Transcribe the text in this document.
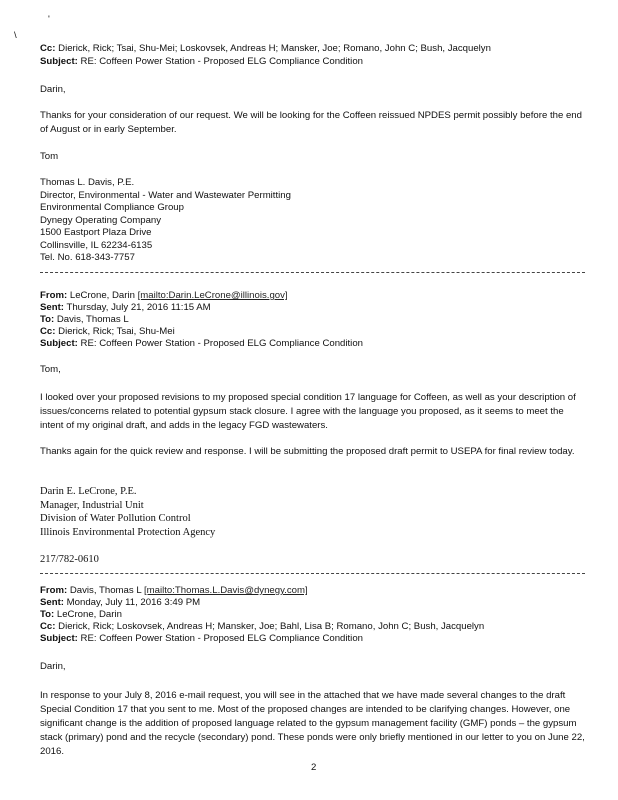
'
\
Cc: Dierick, Rick; Tsai, Shu-Mei; Loskovsek, Andreas H; Mansker, Joe; Romano, John C; Bush, Jacquelyn
Subject: RE: Coffeen Power Station - Proposed ELG Compliance Condition
Darin,
Thanks for your consideration of our request. We will be looking for the Coffeen reissued NPDES permit possibly before the end of August or in early September.
Tom
Thomas L. Davis, P.E.
Director, Environmental - Water and Wastewater Permitting
Environmental Compliance Group
Dynegy Operating Company
1500 Eastport Plaza Drive
Collinsville, IL 62234-6135
Tel. No. 618-343-7757
From: LeCrone, Darin [mailto:Darin.LeCrone@illinois.gov]
Sent: Thursday, July 21, 2016 11:15 AM
To: Davis, Thomas L
Cc: Dierick, Rick; Tsai, Shu-Mei
Subject: RE: Coffeen Power Station - Proposed ELG Compliance Condition
Tom,
I looked over your proposed revisions to my proposed special condition 17 language for Coffeen, as well as your description of issues/concerns related to potential gypsum stack closure. I agree with the language you proposed, as it seems to meet the intent of my original draft, and adds in the legacy FGD wastewaters.
Thanks again for the quick review and response. I will be submitting the proposed draft permit to USEPA for final review today.
Darin E. LeCrone, P.E.
Manager, Industrial Unit
Division of Water Pollution Control
Illinois Environmental Protection Agency
217/782-0610
From: Davis, Thomas L [mailto:Thomas.L.Davis@dynegy.com]
Sent: Monday, July 11, 2016 3:49 PM
To: LeCrone, Darin
Cc: Dierick, Rick; Loskovsek, Andreas H; Mansker, Joe; Bahl, Lisa B; Romano, John C; Bush, Jacquelyn
Subject: RE: Coffeen Power Station - Proposed ELG Compliance Condition
Darin,
In response to your July 8, 2016 e-mail request, you will see in the attached that we have made several changes to the draft Special Condition 17 that you sent to me. Most of the proposed changes are intended to be clarifying changes. However, one significant change is the addition of proposed language related to the gypsum management facility (GMF) ponds – the gypsum stack (primary) pond and the recycle (secondary) pond. These ponds were only briefly mentioned in our letter to you on June 22, 2016.
2
